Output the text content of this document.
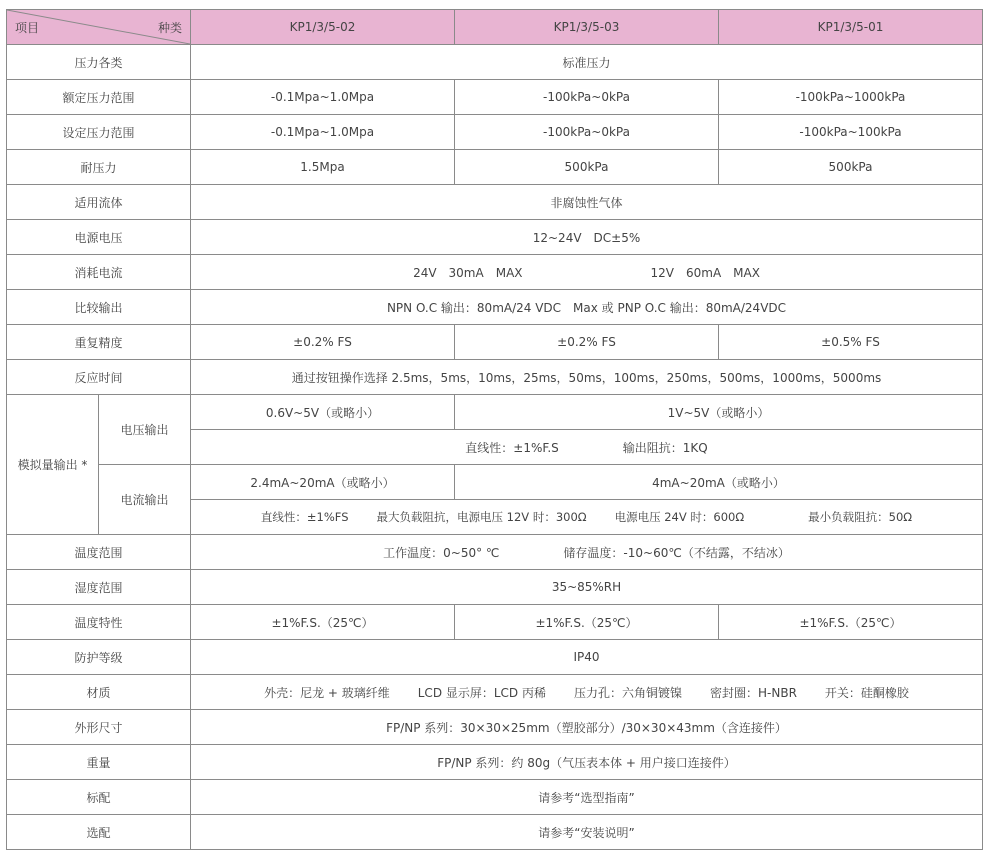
项目 种类		KP1/3/5-02	KP1/3/5-03	KP1/3/5-01
压力各类		标准压力		
额定压力范围		-0.1Mpa~1.0Mpa	-100kPa~0kPa	-100kPa~1000kPa
设定压力范围		-0.1Mpa~1.0Mpa	-100kPa~0kPa	-100kPa~100kPa
耐压力		1.5Mpa	500kPa	500kPa
适用流体		非腐蚀性气体		
电源电压		12~24V　DC±5%		
消耗电流		24V　30mA　MAX 12V　60mA　MAX		
比较输出		NPN O.C 输出：80mA/24 VDC　Max 或 PNP O.C 输出：80mA/24VDC		
重复精度		±0.2% FS	±0.2% FS	±0.5% FS
反应时间		通过按钮操作选择 2.5ms，5ms，10ms，25ms，50ms，100ms，250ms，500ms，1000ms，5000ms		
模拟量输出 *	电压输出	0.6V~5V（或略小）	1V~5V（或略小）	
		直线性：±1%F.S 输出阻抗：1KQ		
	电流输出	2.4mA~20mA（或略小）	4mA~20mA（或略小）	
		直线性：±1%FS 最大负载阻抗，电源电压 12V 时：300Ω 电源电压 24V 时：600Ω 最小负载阻抗：50Ω		
温度范围		工作温度：0~50° ℃ 储存温度：-10~60℃（不结露，不结冰）		
湿度范围		35~85%RH		
温度特性		±1%F.S.（25℃）	±1%F.S.（25℃）	±1%F.S.（25℃）
防护等级		IP40		
材质		外壳：尼龙 + 玻璃纤维 LCD 显示屏：LCD 丙稀 压力孔：六角铜镀镍 密封圈：H-NBR 开关：硅酮橡胶		
外形尺寸		FP/NP 系列：30×30×25mm（塑胶部分）/30×30×43mm（含连接件）		
重量		FP/NP 系列：约 80g（气压表本体 + 用户接口连接件）		
标配		请参考“选型指南”		
选配		请参考“安装说明”		
